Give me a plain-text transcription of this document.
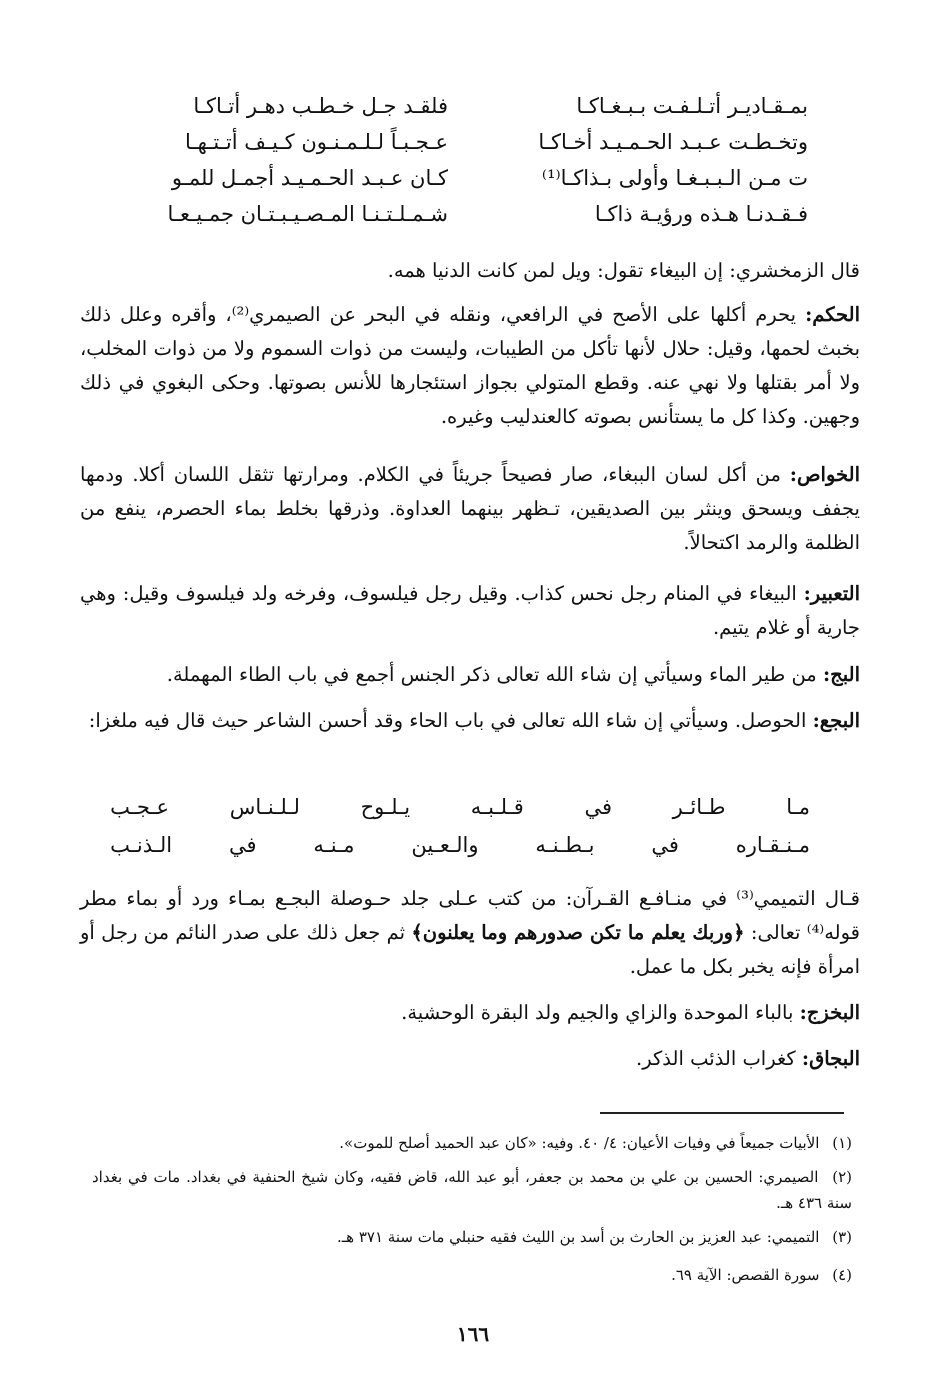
فلقـد جـل خـطـب دهـر أتـاكـا
عـجـبـاً لـلـمـنـون كـيـف أتـتـهـا
كـان عـبـد الحـمـيـد أجمـل للمـو
شـمـلـتـنـا المـصـيـبـتـان جمـيـعـا
بمـقـاديـر أتـلـفـت بـبـغـاكـا
وتخـطـت عـبـد الحـمـيـد أخـاكـا
ت مـن الـبـبـغـا وأولى بـذاكـا⁽¹⁾
فـقـدنـا هـذه ورؤيـة ذاكـا
قال الزمخشري: إن البيغاء تقول: ويل لمن كانت الدنيا همه.
الحكم: يحرم أكلها على الأصح في الرافعي، ونقله في البحر عن الصيمري⁽²⁾، وأقره وعلل ذلك بخبث لحمها، وقيل: حلال لأنها تأكل من الطيبات، وليست من ذوات السموم ولا من ذوات المخلب، ولا أمر بقتلها ولا نهي عنه. وقطع المتولي بجواز استئجارها للأنس بصوتها. وحكى البغوي في ذلك وجهين. وكذا كل ما يستأنس بصوته كالعندليب وغيره.
الخواص: من أكل لسان الببغاء، صار فصيحاً جريئاً في الكلام. ومرارتها تثقل اللسان أكلا. ودمها يجفف ويسحق وينثر بين الصديقين، تـظهر بينهما العداوة. وذرقها بخلط بماء الحصرم، ينفع من الظلمة والرمد اكتحالاً.
التعبير: البيغاء في المنام رجل نحس كذاب. وقيل رجل فيلسوف، وفرخه ولد فيلسوف وقيل: وهي جارية أو غلام يتيم.
البج: من طير الماء وسيأتي إن شاء الله تعالى ذكر الجنس أجمع في باب الطاء المهملة.
البجع: الحوصل. وسيأتي إن شاء الله تعالى في باب الحاء وقد أحسن الشاعر حيث قال فيه ملغزا:
مـا
طـائـر
في
قـلـبـه
يـلـوح
لـلـنـاس
عـجـب
مـنـقـاره
في
بـطـنـه
والـعـين
مـنـه
في
الـذنـب
قـال التميمي⁽³⁾ في منـافـع القـرآن: من كتب عـلى جلد حـوصلة البجـع بمـاء ورد أو بماء مطر قوله⁽⁴⁾ تعالى: ﴿وربك يعلم ما تكن صدورهم وما يعلنون﴾ ثم جعل ذلك على صدر النائم من رجل أو امرأة فإنه يخبر بكل ما عمل.
البخزج: بالباء الموحدة والزاي والجيم ولد البقرة الوحشية.
البجاق: كغراب الذئب الذكر.
(١) الأبيات جميعاً في وفيات الأعيان: ٤/ ٤٠. وفيه: «كان عبد الحميد أصلح للموت».
(٢) الصيمري: الحسين بن علي بن محمد بن جعفر، أبو عبد الله، قاض فقيه، وكان شيخ الحنفية في بغداد. مات في بغداد سنة ٤٣٦ هـ.
(٣) التميمي: عبد العزيز بن الحارث بن أسد بن الليث فقيه حنبلي مات سنة ٣٧١ هـ.
(٤) سورة القصص: الآية ٦٩.
١٦٦
